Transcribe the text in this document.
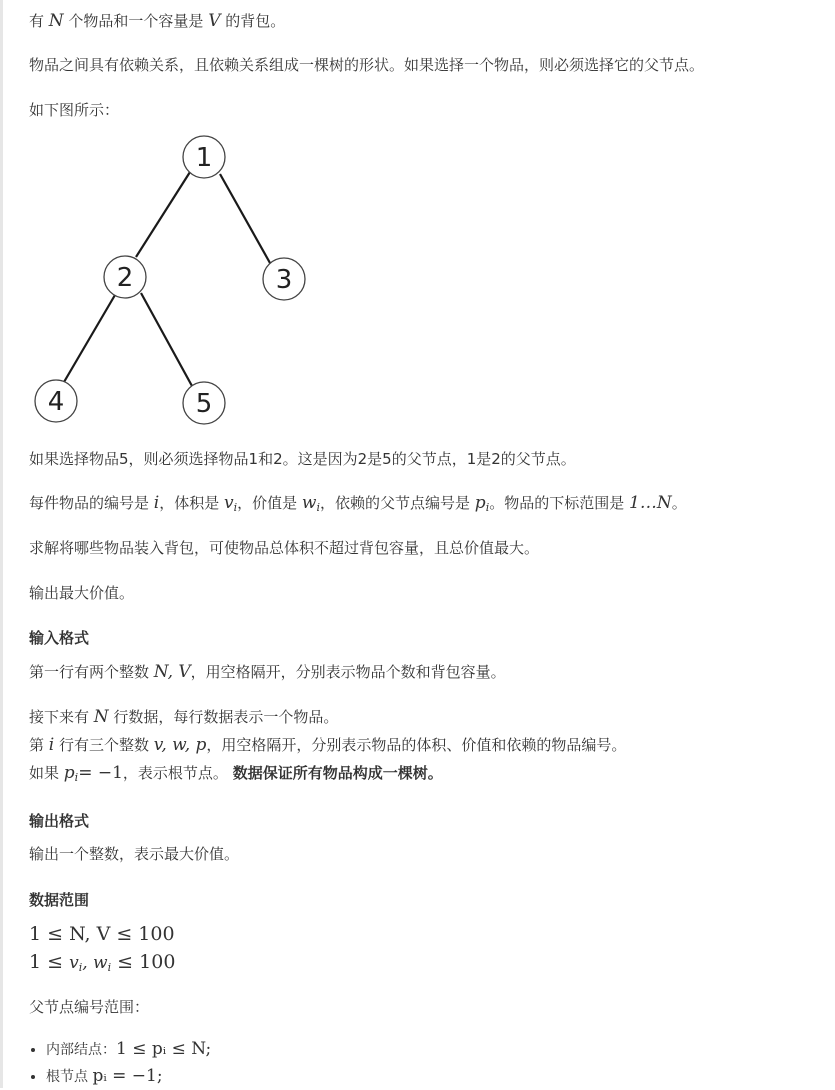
有 N 个物品和一个容量是 V 的背包。
物品之间具有依赖关系，且依赖关系组成一棵树的形状。如果选择一个物品，则必须选择它的父节点。
如下图所示：
1
2	3
4	5
如果选择物品5，则必须选择物品1和2。这是因为2是5的父节点，1是2的父节点。
每件物品的编号是 i，体积是 $v_i$，价值是 $w_i$，依赖的父节点编号是 $p_i$。物品的下标范围是 1…N。
求解将哪些物品装入背包，可使物品总体积不超过背包容量，且总价值最大。
输出最大价值。
输入格式
第一行有两个整数 N, V，用空格隔开，分别表示物品个数和背包容量。
接下来有 N 行数据，每行数据表示一个物品。
第 i 行有三个整数 v, w, p，用空格隔开，分别表示物品的体积、价值和依赖的物品编号。
如果 $p_i= -1$，表示根节点。 数据保证所有物品构成一棵树。
输出格式
输出一个整数，表示最大价值。
数据范围
1 ≤ N, V ≤ 100
$1 \le v_i$, $w_i \le 100$
父节点编号范围：
• 内部结点：1 ≤ pᵢ ≤ N;
• 根节点 pᵢ = −1;
